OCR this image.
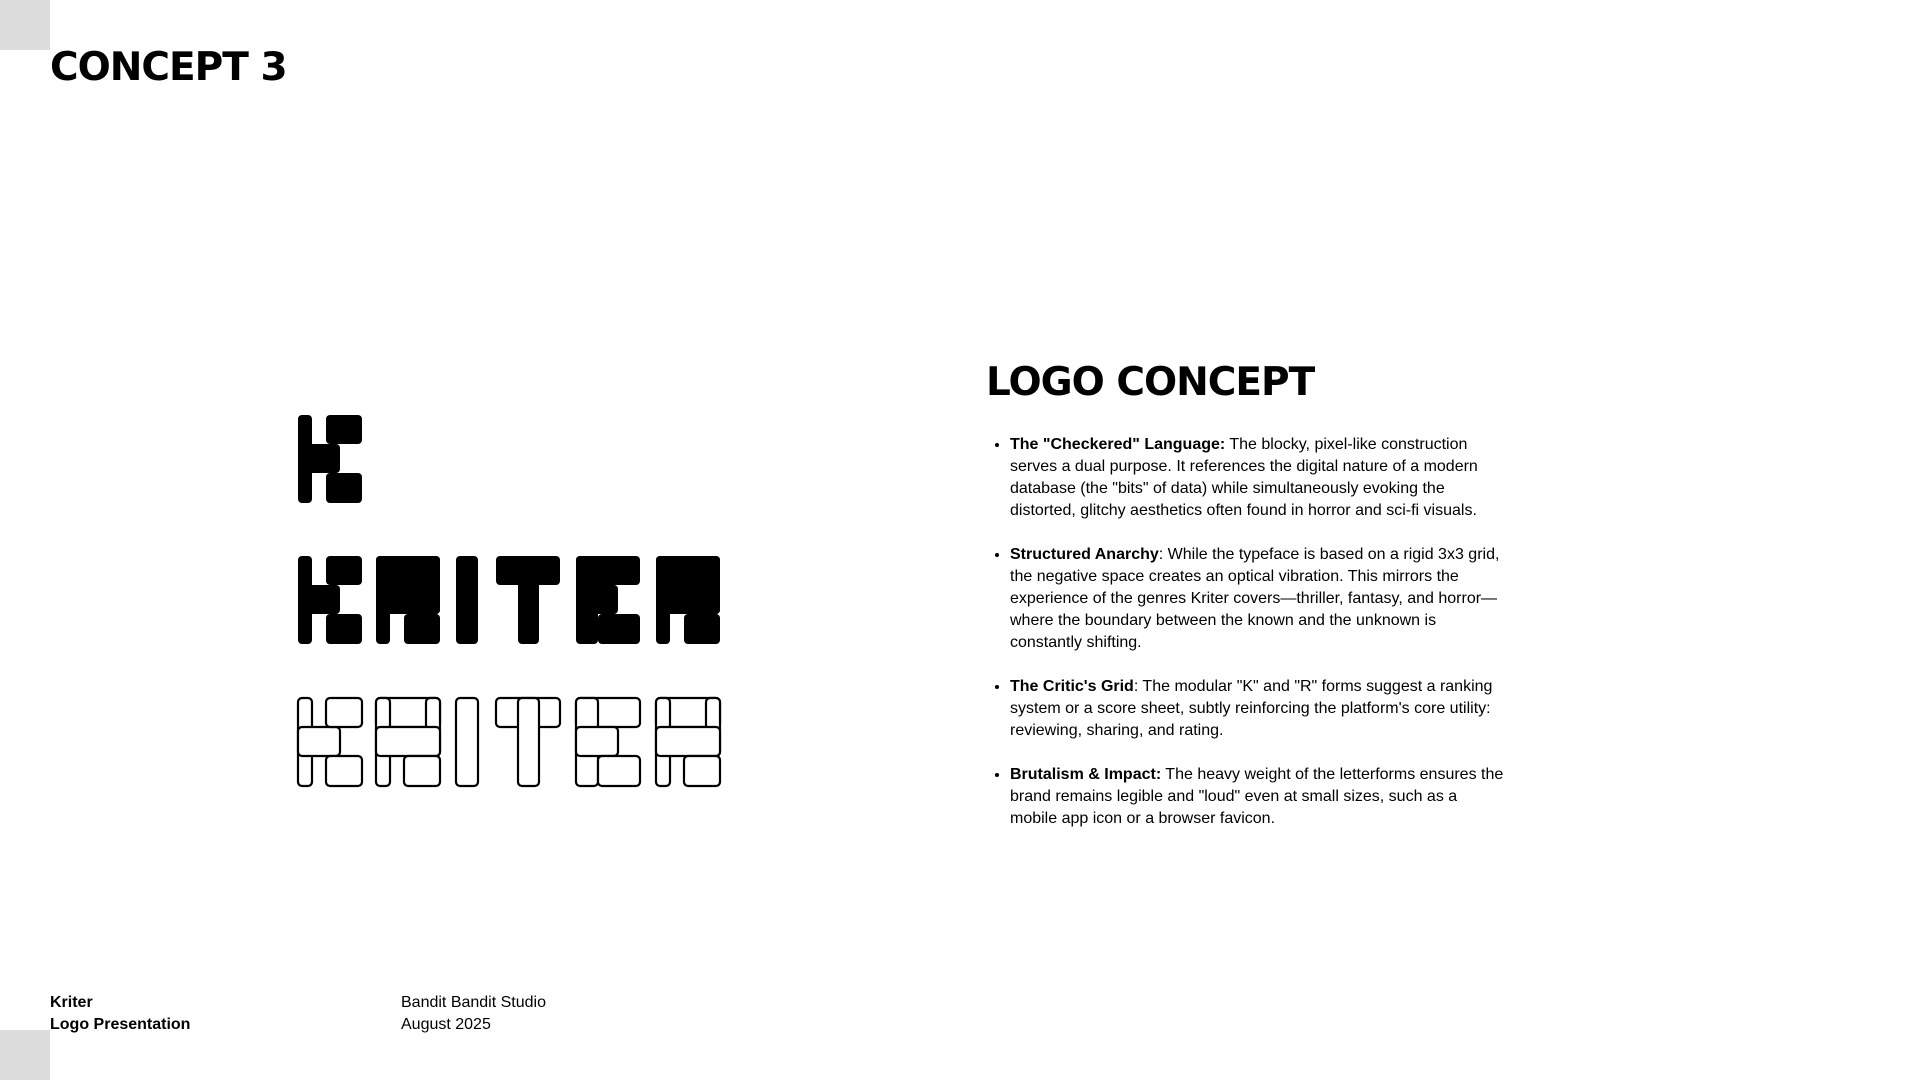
CONCEPT 3
LOGO CONCEPT
• The "Checkered" Language: The blocky, pixel-like construction serves a dual purpose. It references the digital nature of a modern database (the "bits" of data) while simultaneously evoking the distorted, glitchy aesthetics often found in horror and sci-fi visuals.
• Structured Anarchy: While the typeface is based on a rigid 3x3 grid, the negative space creates an optical vibration. This mirrors the experience of the genres Kriter covers—thriller, fantasy, and horror—where the boundary between the known and the unknown is constantly shifting.
• The Critic's Grid: The modular "K" and "R" forms suggest a ranking system or a score sheet, subtly reinforcing the platform's core utility: reviewing, sharing, and rating.
• Brutalism & Impact: The heavy weight of the letterforms ensures the brand remains legible and "loud" even at small sizes, such as a mobile app icon or a browser favicon.
Kriter
Logo Presentation
Bandit Bandit Studio
August 2025
